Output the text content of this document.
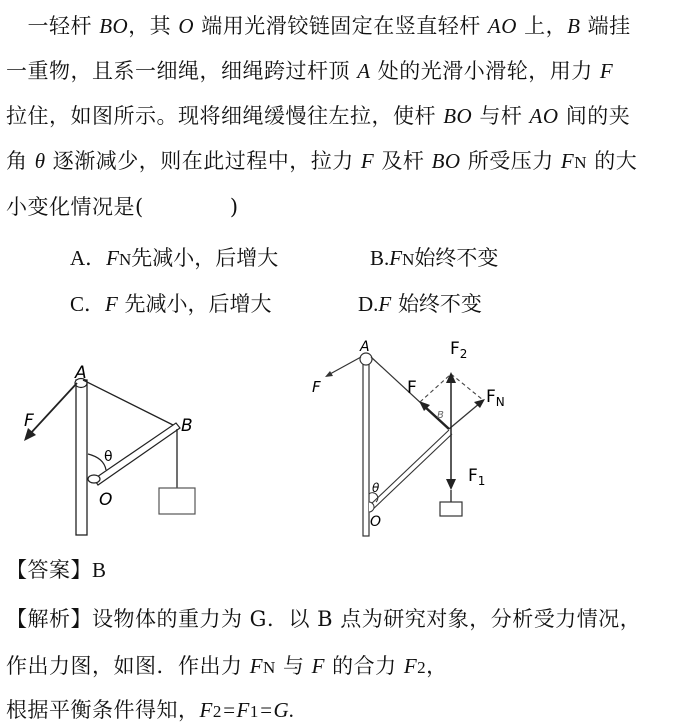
　一轻杆 BO，其 O 端用光滑铰链固定在竖直轻杆 AO 上，B 端挂
一重物，且系一细绳，细绳跨过杆顶 A 处的光滑小滑轮，用力 F
拉住，如图所示。现将细绳缓慢往左拉，使杆 BO 与杆 AO 间的夹
角 θ 逐渐减少，则在此过程中，拉力 F 及杆 BO 所受压力 FN 的大
小变化情况是(	)
A．FN先减小，后增大	B.FN始终不变
C．F 先减小，后增大	D.F 始终不变
A
B
O
F
θ
A
F	F
$F_2$
$F_N$
$F_1$
B
O
θ
【答案】B
【解析】设物体的重力为 G．以 B 点为研究对象，分析受力情况，
作出力图，如图．作出力 FN 与 F 的合力 F2，
根据平衡条件得知，F2=F1=G.
